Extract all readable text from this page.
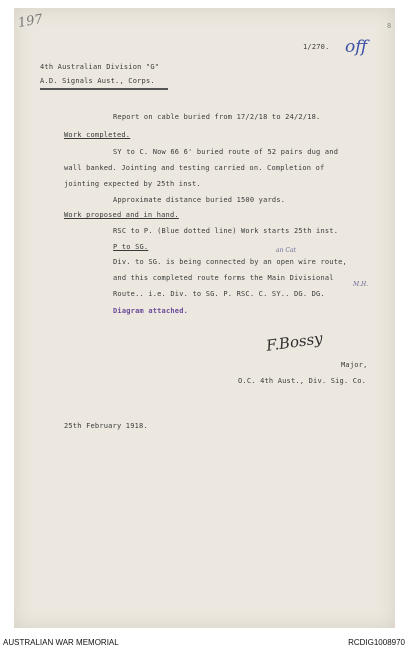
197
1/270. off
8
4th Australian Division "G"
A.D. Signals Aust., Corps.
Report on cable buried from 17/2/18 to 24/2/18.
Work completed.
SY to C. Now 66 6' buried route of 52 pairs dug and
wall banked. Jointing and testing carried on. Completion of
jointing expected by 25th inst.
Approximate distance buried 1500 yards.
Work proposed and in hand.
RSC to P. (Blue dotted line) Work starts 25th inst.
P to SG.	an Cat
Div. to SG. is being connected by an open wire route,
and this completed route forms the Main Divisional
M.H.
Route.. i.e. Div. to SG. P. RSC. C. SY.. DG. DG.
Diagram attached.
F.Bossy
Major,
O.C. 4th Aust., Div. Sig. Co.
25th February 1918.
AUSTRALIAN WAR MEMORIAL	RCDIG1008970
